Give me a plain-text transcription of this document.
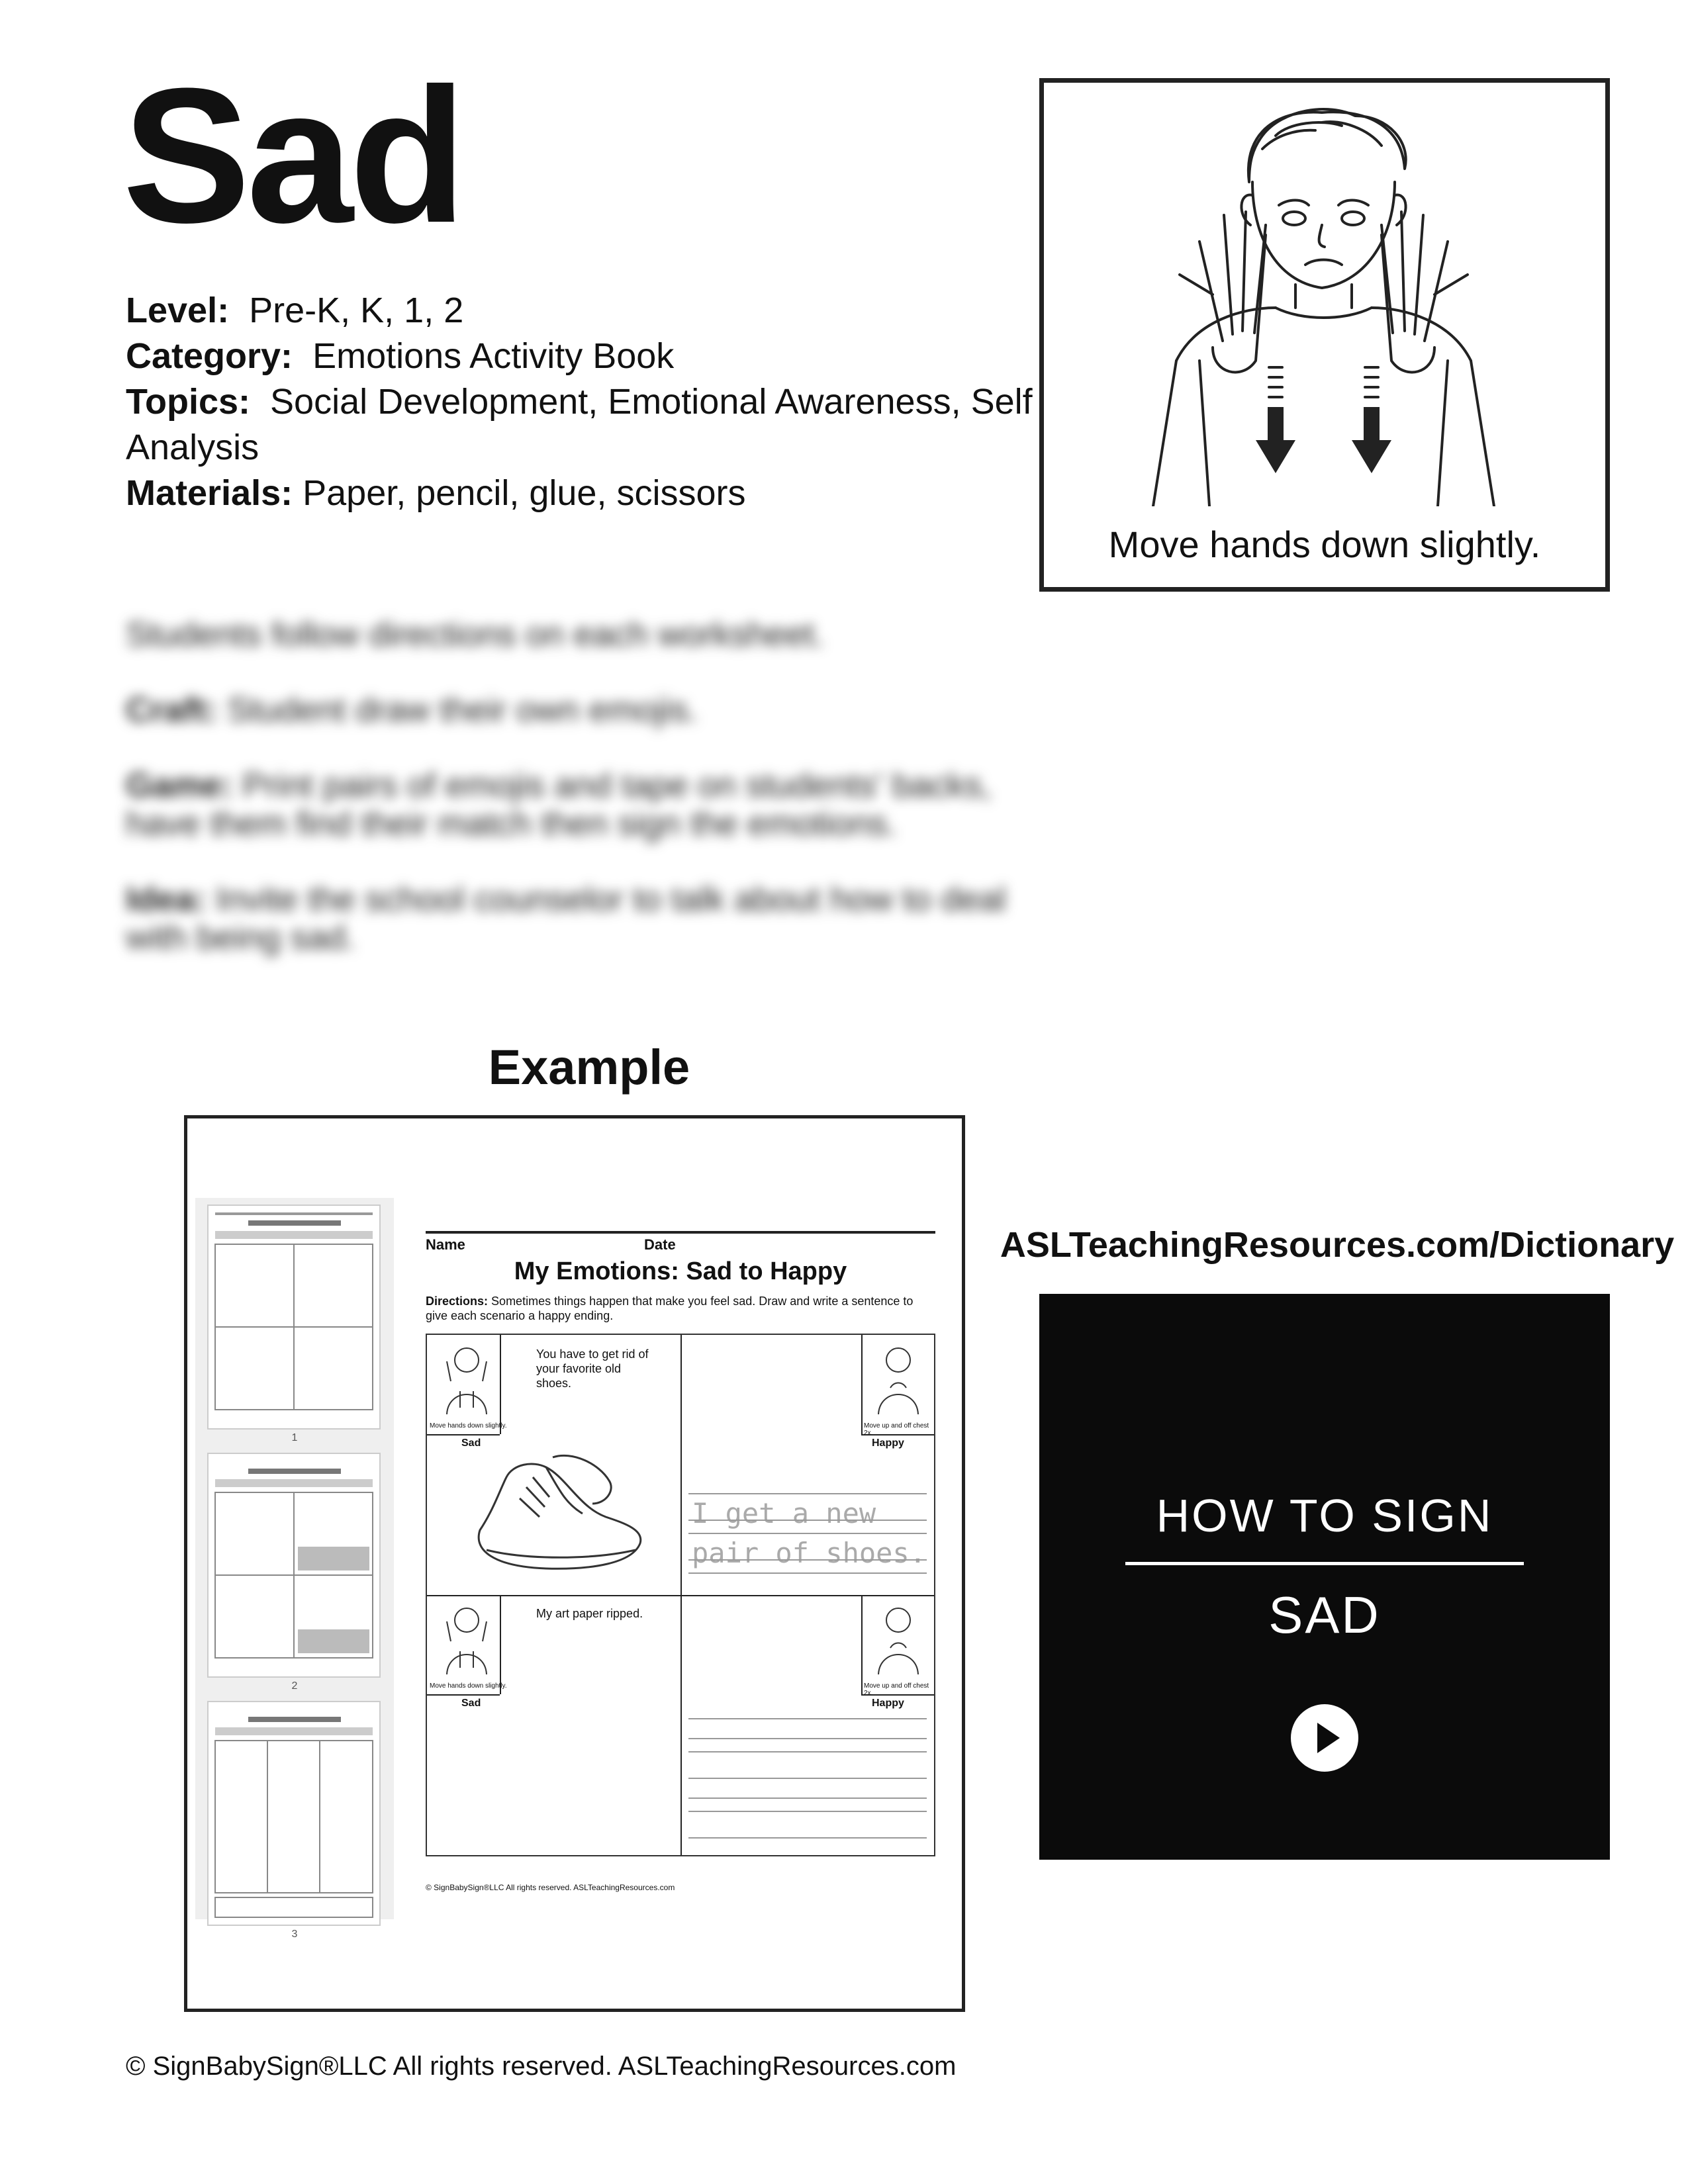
Sad
Level: Pre-K, K, 1, 2
Category: Emotions Activity Book
Topics: Social Development, Emotional Awareness, Self Analysis
Materials: Paper, pencil, glue, scissors

Students follow directions on each worksheet.

Craft: Student draw their own emojis.

Game: Print pairs of emojis and tape on students' backs, have them find their match then sign the emotions.

Idea: Invite the school counselor to talk about how to deal with being sad.

Move hands down slightly.
Example
1
2
3
Name	Date
My Emotions: Sad to Happy
Directions: Sometimes things happen that make you feel sad. Draw and write a sentence to give each scenario a happy ending.
You have to get rid of your favorite old shoes.
My art paper ripped.
Move hands down slightly.
Sad
Move hands down slightly.
Sad
Move up and off chest 2x.
Happy
Move up and off chest 2x.
Happy
I get a new
pair of shoes.
© SignBabySign®LLC All rights reserved. ASLTeachingResources.com
ASLTeachingResources.com/Dictionary
HOW TO SIGN
SAD
© SignBabySign®LLC All rights reserved. ASLTeachingResources.com
